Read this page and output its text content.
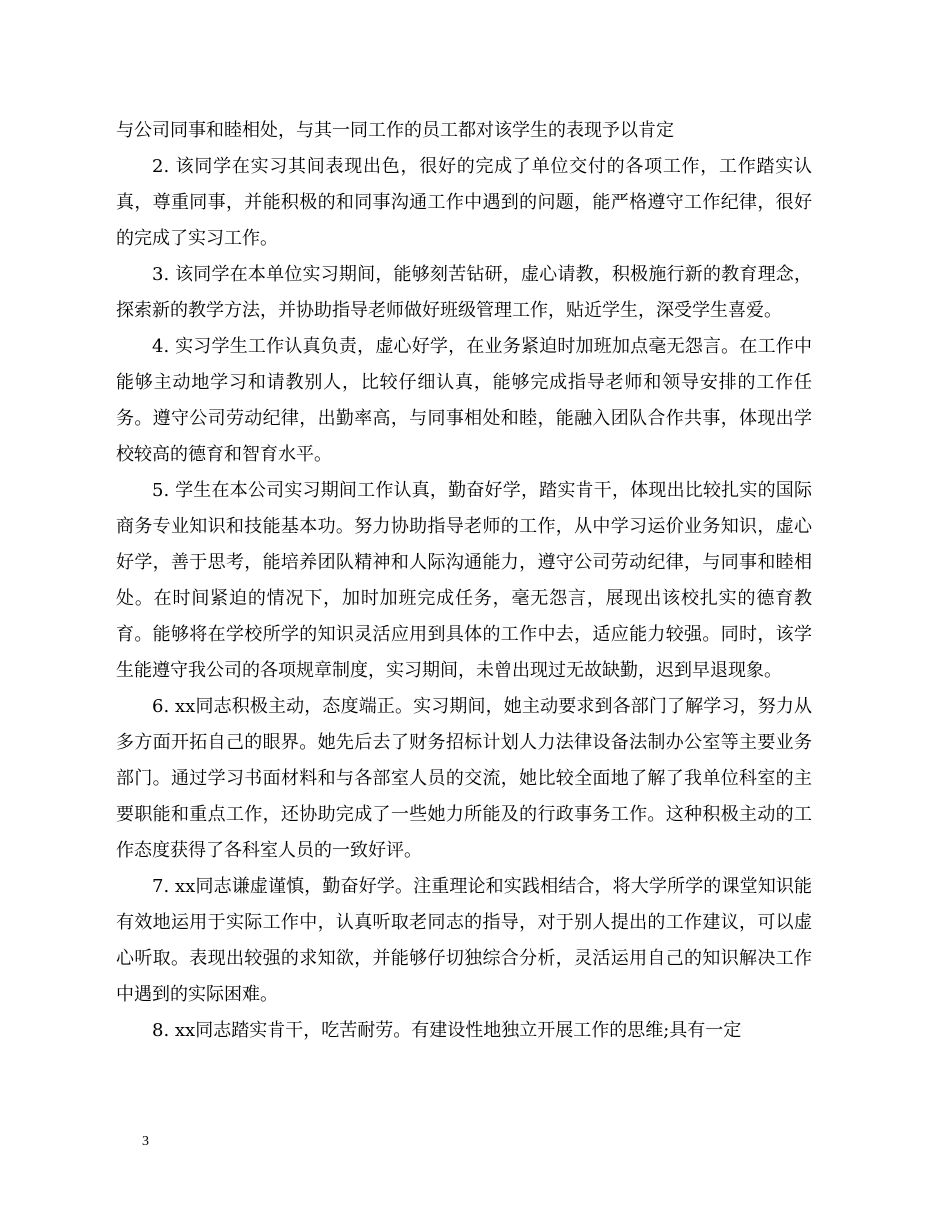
与公司同事和睦相处，与其一同工作的员工都对该学生的表现予以肯定

2. 该同学在实习其间表现出色，很好的完成了单位交付的各项工作，工作踏实认真，尊重同事，并能积极的和同事沟通工作中遇到的问题，能严格遵守工作纪律，很好的完成了实习工作。

3. 该同学在本单位实习期间，能够刻苦钻研，虚心请教，积极施行新的教育理念，探索新的教学方法，并协助指导老师做好班级管理工作，贴近学生，深受学生喜爱。

4. 实习学生工作认真负责，虚心好学，在业务紧迫时加班加点毫无怨言。在工作中能够主动地学习和请教别人，比较仔细认真，能够完成指导老师和领导安排的工作任务。遵守公司劳动纪律，出勤率高，与同事相处和睦，能融入团队合作共事，体现出学校较高的德育和智育水平。

5. 学生在本公司实习期间工作认真，勤奋好学，踏实肯干，体现出比较扎实的国际商务专业知识和技能基本功。努力协助指导老师的工作，从中学习运价业务知识，虚心好学，善于思考，能培养团队精神和人际沟通能力，遵守公司劳动纪律，与同事和睦相处。在时间紧迫的情况下，加时加班完成任务，毫无怨言，展现出该校扎实的德育教育。能够将在学校所学的知识灵活应用到具体的工作中去，适应能力较强。同时，该学生能遵守我公司的各项规章制度，实习期间，未曾出现过无故缺勤，迟到早退现象。

6. xx同志积极主动，态度端正。实习期间，她主动要求到各部门了解学习，努力从多方面开拓自己的眼界。她先后去了财务招标计划人力法律设备法制办公室等主要业务部门。通过学习书面材料和与各部室人员的交流，她比较全面地了解了我单位科室的主要职能和重点工作，还协助完成了一些她力所能及的行政事务工作。这种积极主动的工作态度获得了各科室人员的一致好评。

7. xx同志谦虚谨慎，勤奋好学。注重理论和实践相结合，将大学所学的课堂知识能有效地运用于实际工作中，认真听取老同志的指导，对于别人提出的工作建议，可以虚心听取。表现出较强的求知欲，并能够仔切独综合分析，灵活运用自己的知识解决工作中遇到的实际困难。

8. xx同志踏实肯干，吃苦耐劳。有建设性地独立开展工作的思维;具有一定

3
